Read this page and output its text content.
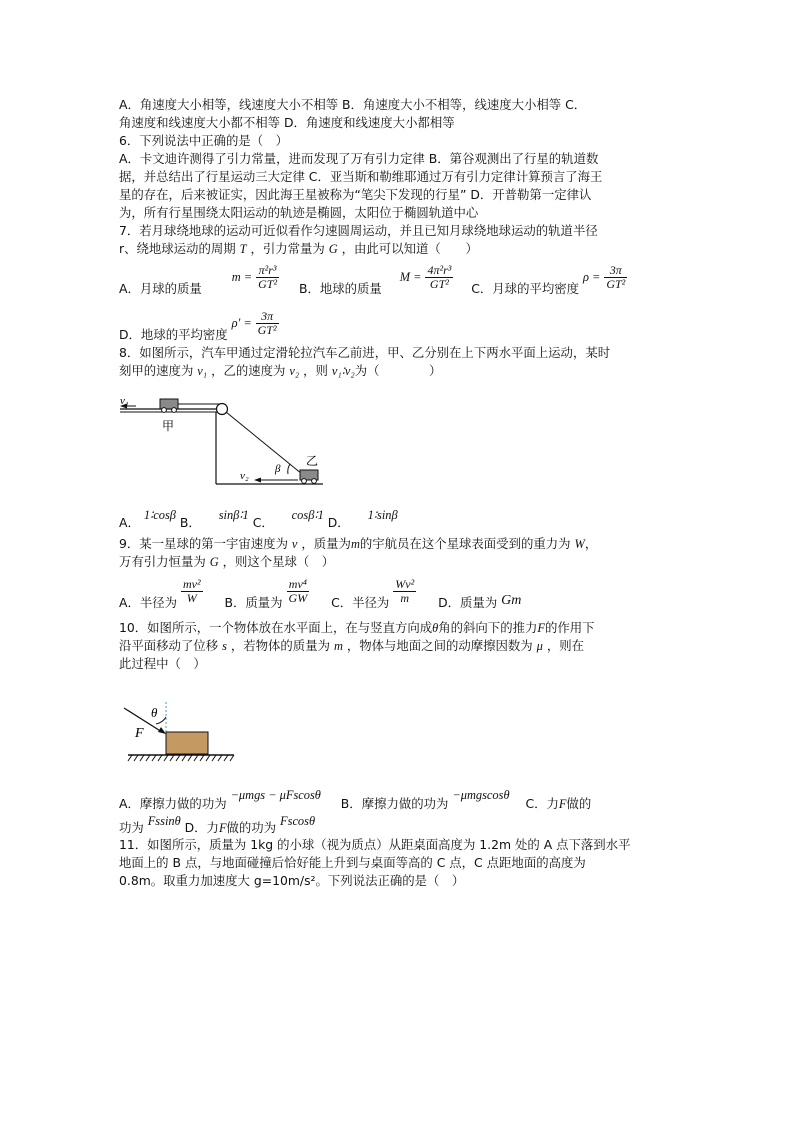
A．角速度大小相等，线速度大小不相等 B．角速度大小不相等，线速度大小相等 C．
角速度和线速度大小都不相等 D．角速度和线速度大小都相等
6．下列说法中正确的是（　）
A．卡文迪许测得了引力常量，进而发现了万有引力定律 B．第谷观测出了行星的轨道数
据，并总结出了行星运动三大定律 C．亚当斯和勒维耶通过万有引力定律计算预言了海王
星的存在，后来被证实，因此海王星被称为“笔尖下发现的行星” D．开普勒第一定律认
为，所有行星围绕太阳运动的轨迹是椭圆，太阳位于椭圆轨道中心
7．若月球绕地球的运动可近似看作匀速圆周运动，并且已知月球绕地球运动的轨道半径
r、绕地球运动的周期 T ，引力常量为 G ，由此可以知道（　　）
A．月球的质量  $m = \frac{\text{π²r³}}{\text{GT²}}$ B．地球的质量  $M = \frac{\text{4π²r³}}{\text{GT²}}$ C．月球的平均密度 $\rho = \frac{3\pi}{\text{GT²}}$
D．地球的平均密度 $\rho' = \frac{3\pi}{\text{GT²}}$
8．如图所示，汽车甲通过定滑轮拉汽车乙前进，甲、乙分别在上下两水平面上运动，某时
刻甲的速度为 v₁ ，乙的速度为 v₂ ，则 v₁∶v₂为（　　　　）
v₁
甲
乙
β
v₂
A． 1∶cosβ B． sinβ∶1 C． cosβ∶1 D． 1∶sinβ
9．某一星球的第一宇宙速度为 v ，质量为m的宇航员在这个星球表面受到的重力为 W，
万有引力恒量为 G ，则这个星球（　）
A．半径为 $\frac{\text{mv²}}{W}$ B．质量为 $\frac{\text{mv⁴}}{GW}$ C．半径为 $\frac{\text{Wv²}}{m}$ D．质量为 Gm
10．如图所示，一个物体放在水平面上，在与竖直方向成θ角的斜向下的推力F的作用下
沿平面移动了位移 s ，若物体的质量为 m ，物体与地面之间的动摩擦因数为 μ ，则在
此过程中（　）
θ
F
A．摩擦力做的功为 −μmgs − μFscosθ  B．摩擦力做的功为 −μmgscosθ  C．力F做的
功为 Fssinθ D．力F做的功为 Fscosθ
11．如图所示，质量为 1kg 的小球（视为质点）从距桌面高度为 1.2m 处的 A 点下落到水平
地面上的 B 点，与地面碰撞后恰好能上升到与桌面等高的 C 点，C 点距地面的高度为
0.8m。取重力加速度大 g=10m/s²。下列说法正确的是（　）
